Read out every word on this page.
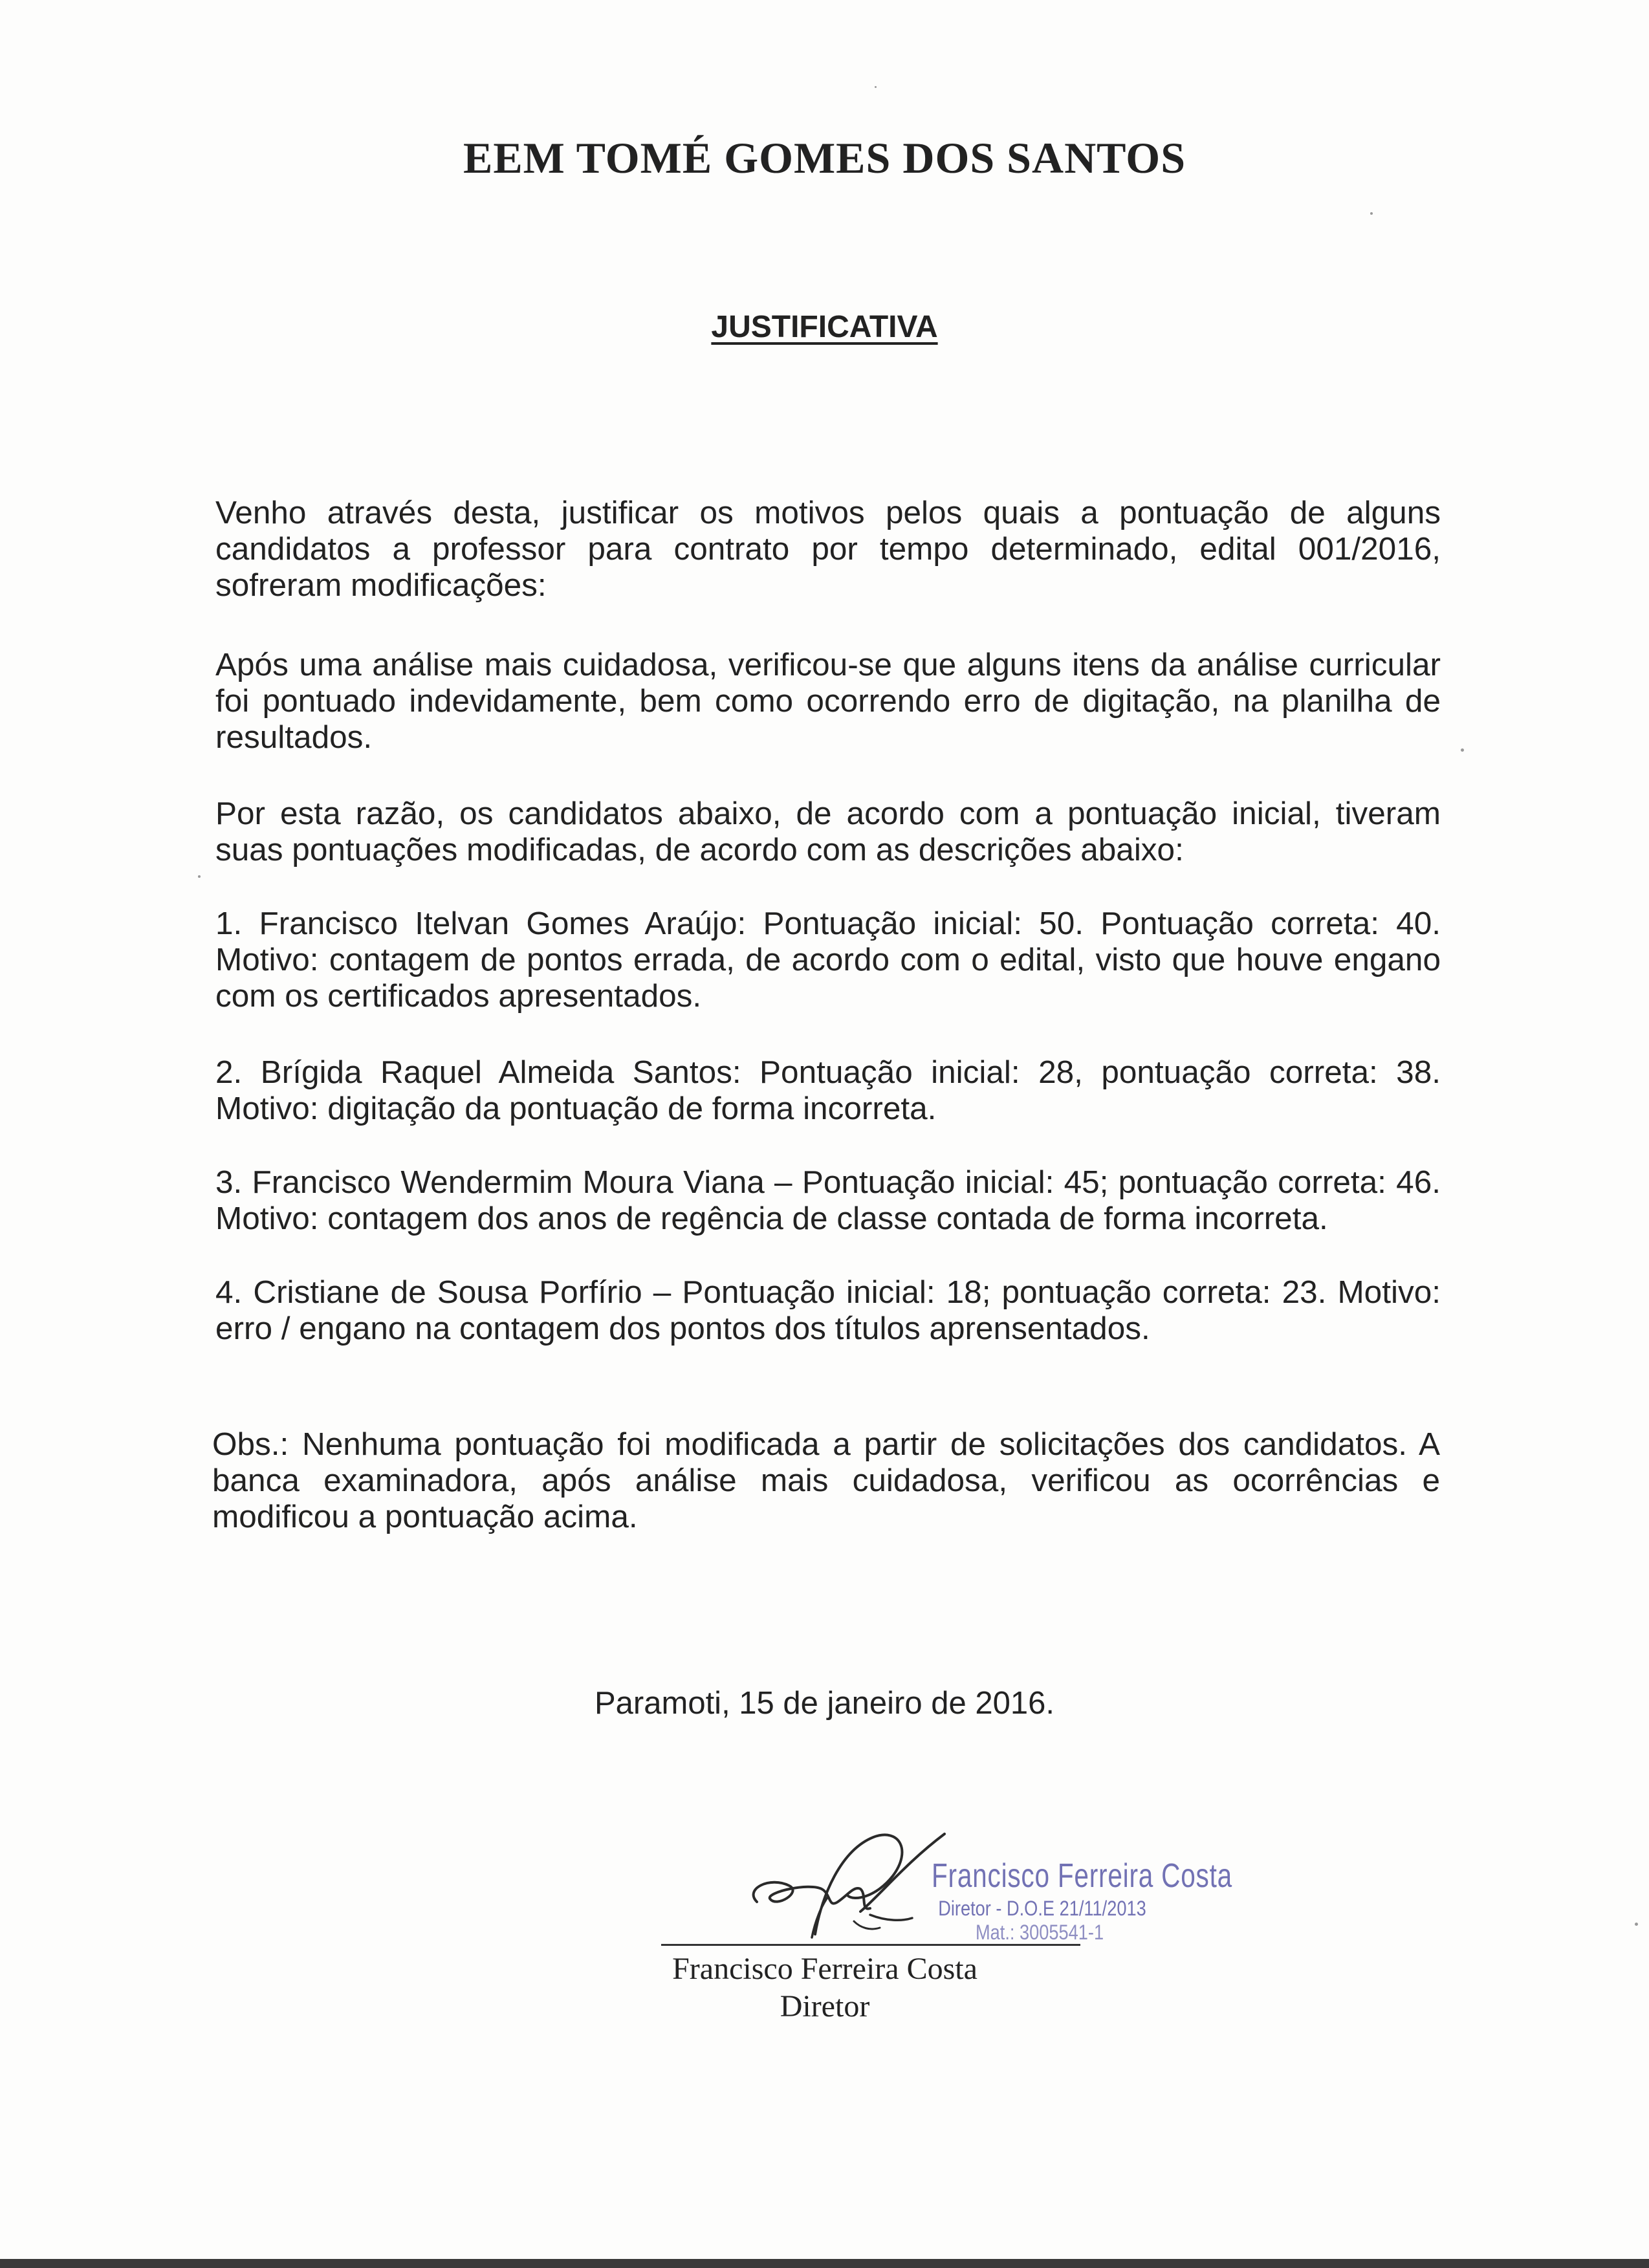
EEM TOMÉ GOMES DOS SANTOS
JUSTIFICATIVA

Venho através desta, justificar os motivos pelos quais a pontuação de alguns candidatos a professor para contrato por tempo determinado, edital 001/2016, sofreram modificações:

Após uma análise mais cuidadosa, verificou-se que alguns itens da análise curricular foi pontuado indevidamente, bem como ocorrendo erro de digitação, na planilha de resultados.

Por esta razão, os candidatos abaixo, de acordo com a pontuação inicial, tiveram suas pontuações modificadas, de acordo com as descrições abaixo:

1. Francisco Itelvan Gomes Araújo: Pontuação inicial: 50. Pontuação correta: 40. Motivo: contagem de pontos errada, de acordo com o edital, visto que houve engano com os certificados apresentados.

2. Brígida Raquel Almeida Santos: Pontuação inicial: 28, pontuação correta: 38. Motivo: digitação da pontuação de forma incorreta.

3. Francisco Wendermim Moura Viana – Pontuação inicial: 45; pontuação correta: 46. Motivo: contagem dos anos de regência de classe contada de forma incorreta.

4. Cristiane de Sousa Porfírio – Pontuação inicial: 18; pontuação correta: 23. Motivo: erro / engano na contagem dos pontos dos títulos aprensentados.

Obs.: Nenhuma pontuação foi modificada a partir de solicitações dos candidatos. A banca examinadora, após análise mais cuidadosa, verificou as ocorrências e modificou a pontuação acima.

Paramoti, 15 de janeiro de 2016.
Francisco Ferreira Costa
Diretor - D.O.E 21/11/2013
Mat.: 3005541-1
Francisco Ferreira Costa
Diretor
